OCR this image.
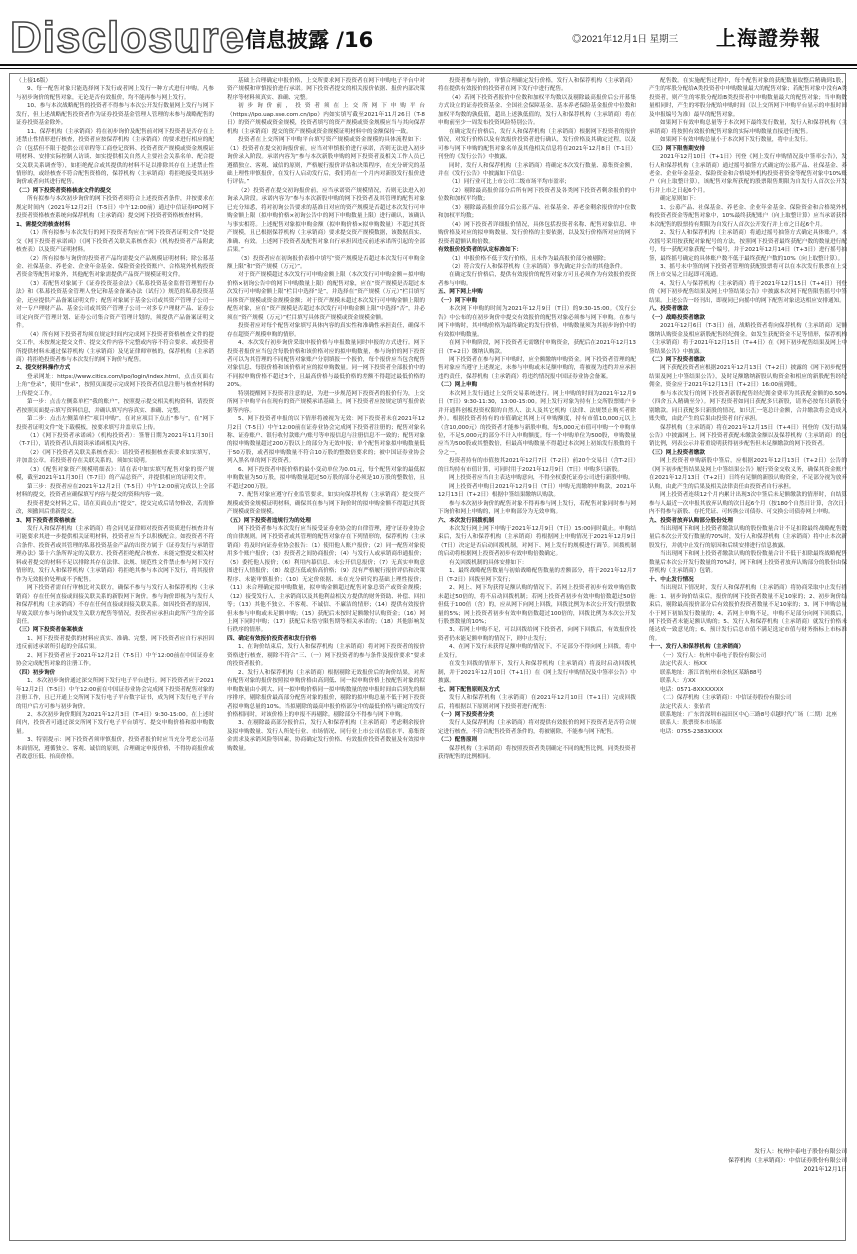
Disclosure 信息披露 /16	◎2021年12月1日 星期三 上海證券報

（上接16版）

9、每一配售对象只能选择网下发行或者网上发行一种方式进行申购。凡参与初步询价的配售对象，无论是否有效报价，均不能再参与网上发行。

10、参与本次战略配售的投资者不得参与本次公开发行数量网上发行与网下发行，但上述战略配售投资者作为证券投资基金管理人管理的未参与战略配售的证券投资基金除外。

11、保荐机构（主承销商）将在初步询价及配售前对网下投资者是否存在上述禁止性情形进行核查，投资者应按保荐机构（主承销商）的要求进行相应的配合（包括但不限于提供公司章程等工商登记资料、投资者资产规模或资金规模证明材料、安排实际控制人访谈、如实提供相关自然人主要社会关系名单、配合提交关联关系调查等），如拒绝配合或其提供的材料不足以排除其存在上述禁止性情形的，或经核查不符合配售资格的，保荐机构（主承销商）将拒绝接受其初步询价或者向其进行配售。

（二）网下投资者资格核查文件的提交

所有拟参与本次初步询价的网下投资者须符合上述投资者条件，并按要求在规定时间内（2021年12月2日（T-5日）中午12:00前）通过中信证券IPO网下投资者资格核查系统向保荐机构（主承销商）提交网下投资者资格核查材料。

1、需提交的核查材料

（1）所有拟参与本次发行的网下投资者均应在“网下投资者证明文件”处提交《网下投资者承诺函》（《网下投资者关联关系核查表》（机构投资者产品附此核查表）以及资产证明材料。

（2）所有拟参与询价的投资者产品均需提交产品规模证明材料；除公募基金、社保基金、养老金、企业年金基金、保险资金投资账户、合格境外机构投资者资金等配售对象外，其他配售对象需提供产品资产规模证明文件。

（3）若配售对象属于《证券投资基金法》《私募投资基金监督管理暂行办法》和《私募投资基金管理人登记和基金备案办法（试行）》规范的私募投资基金，还应提供产品备案证明文件；配售对象属于基金公司或其资产管理子公司一对一专户理财产品、基金公司或其资产管理子公司一对多专户理财产品、证券公司定向资产管理计划、证券公司集合资产管理计划的，须提供产品备案证明文件。

（4）所有网下投资者均须在规定时间内完成网下投资者资格核查文件的提交工作，未按规定提交文件、提交文件内容不完整或内容不符合要求、或投资者所提供材料未通过保荐机构（主承销商）及见证律师审核的，保荐机构（主承销商）将拒绝投资者参与本次发行的网下询价与配售。

2、提交材料操作方式

登录网址：https://www.citics.com/ipo/login/index.html，点击页面右上角“登录”，使用“登录”，按照页面提示完成网下投资者信息注册与核查材料的上传提交工作。

第一步：点击左侧菜单栏“我的账户”，按照提示提交相关机构资料，请投资者按照页面提示填写资料信息，并确认填写内容真实、准确、完整。

第二步：点击左侧菜单栏“项目申购”，在对应项目下点击“参与”，在“网下投资者证明文件”处下载模板，按要求填写并盖章后上传。

（1）《网下投资者承诺函》（机构投资者）：签署日期为2021年11月30日（T-7日），请投资者认真阅读承诺函相关内容。

（2）《网下投资者关联关系核查表》：请投资者根据核查表要求如实填写，并加盖公章。若投资者存在关联关系的，须如实说明。

（3）《配售对象资产规模明细表》：请在表中如实填写配售对象的资产规模，截至2021年11月30日（T-7日）的产品总资产，并提供相应的证明文件。

第三步：投资者应在2021年12月2日（T-5日）中午12:00前完成以上全部材料的提交，投资者应确保填写内容与提交的资料内容一致。

投资者提交材料之后，请在页面点击“提交”，提交完成后请勿修改，若需修改，须撤回后重新提交。

3、网下投资者资格核查

发行人和保荐机构（主承销商）将会同见证律师对投资者资质进行核查并有可能要求其进一步提供相关证明材料，投资者应当予以积极配合。如投资者不符合条件、投资者或其管理的私募投资基金产品的出资方属于《证券发行与承销管理办法》第十六条所界定的关联方、投资者拒绝配合核查、未能完整提交相关材料或者提交的材料不足以排除其存在法律、法规、规范性文件禁止参与网下发行情形的，发行人和保荐机构（主承销商）将拒绝其参与本次网下发行，将其报价作为无效报价处理或不予配售。

网下投资者需自行审核比对关联方，确保不参与与发行人和保荐机构（主承销商）存在任何直接或间接关联关系的新股网下询价。参与询价即视为与发行人和保荐机构（主承销商）不存在任何直接或间接关联关系。如因投资者的原因，导致关联方参与询价或发生关联方配售等情况，投资者应承担由此所产生的全部责任。

（三）网下投资者备案核查

1、网下投资者提供的材料应真实、准确、完整，网下投资者应自行承担因违反前述承诺所引起的全部后果。

2、网下投资者应于2021年12月2日（T-5日）中午12:00前在中国证券业协会完成配售对象的注册工作。

（四）初步询价

1、本次初步询价通过深交所网下发行电子平台进行。网下投资者应于2021年12月2日（T-5日）中午12:00前在中国证券业协会完成网下投资者配售对象的注册工作，且已开通上交所网下发行电子平台数字证书，成为网下发行电子平台的用户后方可参与初步询价。

2、本次初步询价期间为2021年12月3日（T-4日）9:30-15:00。在上述时间内，投资者可通过深交所网下发行电子平台填写、提交申购价格和拟申购数量。

3、特别提示：网下投资者须审慎报价，投资者报价时应当充分考虑公司基本面情况，遵循独立、客观、诚信的原则，合理确定申报价格，不得协商报价或者故意压低、抬高价格。

基础上合理确定申报价格，上交所要求网下投资者在网下申购电子平台中对资产规模和审慎报价进行承诺。网下投资者提交的相关报价依据、报价内部决策程序等材料须真实、准确、完整。

初步询价前，投资者须在上交所网下申购平台（https://ipo.uap.sse.com.cn/ipo）内如实填写截至2021年11月26日（T-8日）的资产规模或资金规模，投资者填写的资产规模或资金规模应当与其向保荐机构（主承销商）提交的资产规模或资金规模证明材料中的金额保持一致。

投资者在上交所网下申购平台填写资产规模或资金规模的具体流程如下：（1）投资者在提交初询报价前，应当对审慎报价进行承诺，否则无法进入初步询价录入阶段。承诺内容为“参与本次新股申购的网下投资者及相关工作人员已遵循独立、客观、诚信的原则，严格履行报价评估和决策程序，在充分研究的基础上理性审慎报价，在发行人启动发行后，我们将在一个月内对新股发行报价进行评估。”

（2）投资者在提交初询报价前，应当承诺资产规模情况，否则无法进入初询录入阶段。承诺内容为“参与本次新股申购的网下投资者及其管理的配售对象已充分知悉，将对初询公告要求的基准日对应的资产规模是否超过本次发行可申购金额上限（拟申购价格×初询公告中的网下申购数量上限）进行确认，该确认与事实相符。上述配售对象拟申购金额（拟申购价格×拟申购数量）不超过其资产规模，且已根据保荐机构（主承销商）要求提交资产规模数据，该数据真实、准确、有效。上述网下投资者及配售对象自行承担因违反前述承诺所引起的全部后果。”

（3）投资者应在初询报价表格中填写“资产规模是否超过本次发行可申购金额上限”和“资产规模（万元）”。

对于资产规模超过本次发行可申购金额上限（本次发行可申购金额＝拟申购价格×初询公告中的网下申购数量上限）的配售对象，应在“资产规模是否超过本次发行可申购金额上限”栏目中选择“是”，并选择在“资产规模（万元）”栏目填写具体资产规模或资金规模金额；对于资产规模未超过本次发行可申购金额上限的配售对象，应在“资产规模是否超过本次发行可申购金额上限”中选择“否”，并必须在“资产规模（万元）”栏目填写具体资产规模或资金规模金额。

投资者应对每个配售对象填写具体内容的真实性和准确性承担责任，确保不存在超资产规模申购的情形。

4、本次发行初步询价采取申报价格与申报数量同时申报的方式进行。网下投资者报价应当包含每股价格和该价格对应的拟申购数量，参与询价的网下投资者可以为其管理的不同配售对象账户分别填报一个报价，每个报价应当包含配售对象信息、每股价格和该价格对应的拟申购数量。同一网下投资者全部报价中的不同拟申购价格不超过3个，且最高价格与最低价格的差额不得超过最低价格的20%。

特别提醒网下投资者注意的是，为进一步规范网下投资者的报价行为，上交所网下申购平台在现有的资产规模承诺基础上，网下投资者应按规定填写报价依据等内容。

5、网下投资者申报的以下情形将被视为无效：网下投资者未在2021年12月2日（T-5日）中午12:00前在证券业协会完成网下投资者注册的；配售对象名称、证券账户、银行收付款账户/账号等申报信息与注册信息不一致的；配售对象的拟申购数量超过200万股以上的部分为无效申报；单个配售对象拟申购数量低于50万股，或者拟申购数量不符合10万股的整数倍要求的；被中国证券业协会列入黑名单的网下投资者。

6、网下投资者申报价格的最小变动单位为0.01元，每个配售对象的最低拟申购数量为50万股，拟申购数量超过50万股的部分必须是10万股的整数倍，且不超过200万股。

7、配售对象应遵守行业监管要求，如实向保荐机构（主承销商）提交资产规模或资金规模证明材料，确保其在参与网下询价时的拟申购金额不得超过其资产规模或资金规模。

（五）网下投资者违规行为的处理

网下投资者参与本次发行应当接受证券业协会的自律管理，遵守证券业协会的自律规则。网下投资者或其管理的配售对象存在下列情形的，保荐机构（主承销商）将及时向证券业协会报告：（1）使用他人账户报价；（2）同一配售对象使用多个账户报价；（3）投资者之间协商报价；（4）与发行人或承销商串通报价；（5）委托他人报价；（6）利用内幕信息、未公开信息报价；（7）无真实申购意图进行人情报价；（8）故意压低或抬高价格；（9）没有严格履行报价评估和决策程序、未能审慎报价；（10）无定价依据、未在充分研究的基础上理性报价；（11）未合理确定拟申购数量，拟申购金额超过配售对象总资产或资金规模；（12）接受发行人、主承销商以及其他利益相关方提供的财务资助、补偿、回扣等；（13）其他不独立、不客观、不诚信、不廉洁的情形；（14）提供有效报价但未参与申购或未足额申购；（15）获配后未按时足额缴付认购资金；（16）网上网下同时申购；（17）获配后未恪守限售期等相关承诺的；（18）其他影响发行秩序的情形。

四、确定有效报价投资者和发行价格

1、在询价结束后，发行人和保荐机构（主承销商）将对网下投资者的报价资格进行核查，剔除不符合“三、（一）网下投资者的参与条件及报价要求”要求的投资者报价。

2、发行人和保荐机构（主承销商）根据剔除无效报价后的询价结果，对所有配售对象的报价按照拟申购价格由高到低、同一拟申购价格上按配售对象的拟申购数量由小到大、同一拟申购价格同一拟申购数量的按申报时间由后到先的顺序排序，剔除报价最高部分配售对象的报价，剔除的拟申购总量不低于网下投资者拟申购总量的10%。当拟剔除的最高申报价格部分中的最低价格与确定的发行价格相同时，对该价格上的申报不再剔除。剔除部分不得参与网下申购。

3、在剔除最高部分报价后，发行人和保荐机构（主承销商）考虑剩余报价及拟申购数量、发行人所处行业、市场情况、同行业上市公司估值水平、募集资金需求及承销风险等因素，协商确定发行价格、有效报价投资者数量及有效拟申购数量。

投资者参与询价，审慎合理确定发行价格，发行人和保荐机构（主承销商）将在提供有效报价的投资者在网下发行中进行配售。

（4）若网下投资者报价中位数和加权平均数以及剔除最高报价后公开募集方式设立的证券投资基金、全国社会保障基金、基本养老保险基金报价中位数和加权平均数的孰低值，超出上述孰低值的，发行人和保荐机构（主承销商）将在申购前至少一周发布投资风险特别公告。

在确定发行价格后，发行人和保荐机构（主承销商）根据网下投资者的报价情况，对发行价格以及有效报价投资者进行确认，发行价格及其确定过程，以及可参与网下申购的配售对象名单及其他相关信息将在2021年12月8日（T-1日）刊登的《发行公告》中披露。

同时，发行人和保荐机构（主承销商）将确定本次发行数量、募集资金额，并在《发行公告》中披露如下信息：

（1）同行业可比上市公司二级市场平均市盈率；

（2）剔除最高报价部分后所有网下投资者及各类网下投资者剩余报价的中位数和加权平均数；

（3）剔除最高报价部分后公募产品、社保基金、养老金剩余报价的中位数和加权平均数；

（4）网下投资者详细报价情况，具体包括投资者名称、配售对象信息、申购价格及对应的拟申购数量、发行价格的主要依据，以及发行价格所对应的网下投资者超额认购倍数。

有效报价投资者的认定标准如下：

（1）申报价格不低于发行价格，且未作为最高报价部分被剔除；

（2）符合发行人和保荐机构（主承销商）事先确定并公告的其他条件。

在确定发行价格后，提供有效报价的配售对象方可且必须作为有效报价投资者参与申购。

五、网下网上申购

（一）网下申购

本次网下申购的时间为2021年12月9日（T日）的9:30-15:00。《发行公告》中公布的在初步询价中提交有效报价的配售对象必须参与网下申购。在参与网下申购时，其申购价格为最终确定的发行价格，申购数量须为其初步询价中的有效拟申购数量。

在网下申购阶段，网下投资者无需缴付申购资金，获配后在2021年12月13日（T+2日）缴纳认购款。

网下投资者在参与网下申购时，应全额缴纳申购资金。网下投资者管理的配售对象应当遵守上述规定，未参与申购或未足额申购的，将被视为违约并应承担违约责任，保荐机构（主承销商）将违约情况报中国证券业协会备案。

（二）网上申购

本次网上发行通过上交所交易系统进行。网上申购的时间为2021年12月9日（T日）9:30-11:30，13:00-15:00。网上发行对象为持有上交所股票账户卡并开通科创板投资权限的自然人、法人及其它机构（法律、法规禁止购买者除外）。根据投资者持有的市值确定其网上可申购额度，持有市值10,000元以上（含10,000元）的投资者才能参与新股申购，每5,000元市值可申购一个申购单位，不足5,000元的部分不计入申购额度。每一个申购单位为500股，申购数量应当为500股或其整数倍，但最高申购数量不得超过本次网上初始发行股数的千分之一。

投资者持有的市值按其2021年12月7日（T-2日）前20个交易日（含T-2日）的日均持有市值计算，可同时用于2021年12月9日（T日）申购多只新股。

网上投资者应当自主表达申购意向，不得全权委托证券公司进行新股申购。

网上投资者申购日2021年12月9日（T日）申购无需缴纳申购款，2021年12月13日（T+2日）根据中签结果缴纳认购款。

参与本次初步询价的配售对象不得再参与网上发行，若配售对象同时参与网下询价和网上申购的，网上申购部分为无效申购。

六、本次发行回拨机制

本次发行网上网下申购于2021年12月9日（T日）15:00同时截止。申购结束后，发行人和保荐机构（主承销商）将根据网上申购情况于2021年12月9日（T日）决定是否启动回拨机制，对网下、网上发行的规模进行调节。回拨机制的启动将根据网上投资者初步有效申购倍数确定。

有关回拨机制的具体安排如下：

1、最终战略配售数量与初始战略配售数量的差额部分，将于2021年12月7日（T-2日）回拨至网下发行；

2、网上、网下均获得足额认购的情况下，若网上投资者初步有效申购倍数未超过50倍的，将不启动回拨机制；若网上投资者初步有效申购倍数超过50倍但低于100倍（含）的，应从网下向网上回拨，回拨比例为本次公开发行股票数量的5%；网上投资者初步有效申购倍数超过100倍的，回拨比例为本次公开发行股票数量的10%；

3、若网上申购不足，可以回拨给网下投资者，向网下回拨后，有效报价投资者仍未能足额申购的情况下，则中止发行；

4、在网下发行未获得足额申购的情况下，不足部分不得向网上回拨，将中止发行。

在发生回拨的情形下，发行人和保荐机构（主承销商）将及时启动回拨机制，并于2021年12月10日（T+1日）在《网上发行申购情况及中签率公告》中披露。

七、网下配售原则及方式

发行人和保荐机构（主承销商）在2021年12月10日（T+1日）完成回拨后，将根据以下原则对网下投资者进行配售：

（一）网下投资者分类

发行人及保荐机构（主承销商）将对提供有效报价的网下投资者是否符合规定进行核查，不符合配售投资者条件的，将被剔除，不能参与网下配售。

（二）配售原则

保荐机构（主承销商）将按照投资者类别确定不同的配售比例，同类投资者获得配售的比例相同。

配售数。在实施配售过程中，每个配售对象的获配数量取整后精确到1股，产生的零股分配给A类投资者中申购数量最大的配售对象；若配售对象中没有A类投资者，则产生的零股分配给B类投资者中申购数量最大的配售对象；当申购数量相同时，产生的零股分配给申购时间（以上交所网下申购平台显示的申报时间及申报编号为准）最早的配售对象。

如果网下有效申购总量等于本次网下最终发行数量，发行人和保荐机构（主承销商）将按照有效报价配售对象的实际申购数量直接进行配售。

如果网下有效申购总量小于本次网下发行数量，将中止发行。

（三）网下限售期安排

2021年12月10日（T+1日）刊登《网上发行申购情况及中签率公告》，发行人和保荐机构（主承销商）通过摇号抽签方式确定的公募产品、社保基金、养老金、企业年金基金、保险资金和合格境外机构投资者资金等配售对象中10%账户（向上取整计算），该配售对象所获配的股票限售期限为自发行人首次公开发行并上市之日起6个月。

确定原则如下：

1、公募产品、社保基金、养老金、企业年金基金、保险资金和合格境外机构投资者资金等配售对象中，10%最终获配账户（向上取整计算）应当承诺获得本次配售的股票持有期限为自发行人首次公开发行并上市之日起6个月。

2、发行人和保荐机构（主承销商）将通过摇号抽签方式确定具体账户。本次摇号采用按获配对象配号的方法，按照网下投资者最终获配户数的数量进行配号，每一获配对象获配一个编号，并于2021年12月14日（T+3日）进行摇号抽签，最终摇号确定的具体账户数不低于最终获配户数的10%（向上取整计算）。

3、摇号未中签的网下投资者管理的获配股票将可以在本次发行股票在上交所上市交易之日起即可流通。

4、发行人与保荐机构（主承销商）将于2021年12月15日（T+4日）刊登的《网下初步配售结果及网上中签结果公告》中披露本次网下配售限售摇号中签结果。上述公告一经刊出，即视同已向摇中的网下配售对象送达相应安排通知。

八、投资者缴款

（一）战略投资者缴款

2021年12月6日（T-3日）前，战略投资者将向保荐机构（主承销商）足额缴纳认购资金及相应新股配售经纪佣金。如发生获配资金不足等情形，保荐机构（主承销商）将于2021年12月15日（T+4日）在《网下初步配售结果及网上中签结果公告》中披露。

（二）网下投资者缴款

网下获配投资者应根据2021年12月13日（T+2日）披露的《网下初步配售结果及网上中签结果公告》，及时足额缴纳新股认购资金和相应的新股配售经纪佣金，资金应于2021年12月13日（T+2日）16:00前到账。

参与本次发行的网下投资者新股配售经纪佣金费率为其获配金额的0.50%（四舍五入精确至分）。网下投资者如同日获配多只新股，请务必按每只新股分别缴款。同日获配多只新股的情况，如只汇一笔总计金额，合并缴款将会造成入账失败，由此产生的后果由投资者自行承担。

保荐机构（主承销商）将在2021年12月15日（T+4日）刊登的《发行结果公告》中披露网上、网下投资者获配未缴款金额以及保荐机构（主承销商）的包销比例，列表公示并着重说明获得初步配售但未足额缴款的网下投资者。

（三）网上投资者缴款

网上投资者申购新股中签后，应根据2021年12月13日（T+2日）公告的《网下初步配售结果及网上中签结果公告》履行资金交收义务，确保其资金账户在2021年12月13日（T+2日）日终有足额的新股认购资金，不足部分视为放弃认购，由此产生的后果及相关法律责任由投资者自行承担。

网上投资者连续12个月内累计出现3次中签后未足额缴款的情形时，自结算参与人最近一次申报其放弃认购的次日起6个月（按180个自然日计算，含次日）内不得参与新股、存托凭证、可转换公司债券、可交换公司债券网上申购。

九、投资者放弃认购部分股份处理

当出现网下和网上投资者缴款认购的股份数量合计不足扣除最终战略配售数量后本次公开发行数量的70%时，发行人和保荐机构（主承销商）将中止本次新股发行，并就中止发行的原因和后续安排进行信息披露。

当出现网下和网上投资者缴款认购的股份数量合计不低于扣除最终战略配售数量后本次公开发行数量的70%时，网下和网上投资者放弃认购部分的股份由保荐机构（主承销商）包销。

十、中止发行情况

当出现以下情况时，发行人和保荐机构（主承销商）将协商采取中止发行措施：1、初步询价结束后，报价的网下投资者数量不足10家的；2、初步询价结束后，剔除最高报价部分后有效报价投资者数量不足10家的；3、网下申购总量小于网下初始发行数量的；4、若网上申购不足，申购不足部分向网下回拨后，网下投资者未能足额认购的；5、发行人和保荐机构（主承销商）就发行价格未能达成一致意见的；6、预计发行后总市值不满足选定市值与财务指标上市标准的。

十一、发行人和保荐机构（主承销商）

（一）发行人：杭州中泰电子股份有限公司

法定代表人：杨XX

联系地址：浙江省杭州市余杭区某路88号

联系人：方XX

电话：0571-8XXXXXXX

（二）保荐机构（主承销商）：中信证券股份有限公司

法定代表人：张佑君

联系地址：广东省深圳市福田区中心三路8号卓越时代广场（二期）北座

联系人：股票资本市场部

电话：0755-2383XXXX

发行人：杭州中泰电子股份有限公司
保荐机构（主承销商）：中信证券股份有限公司
2021年12月1日
